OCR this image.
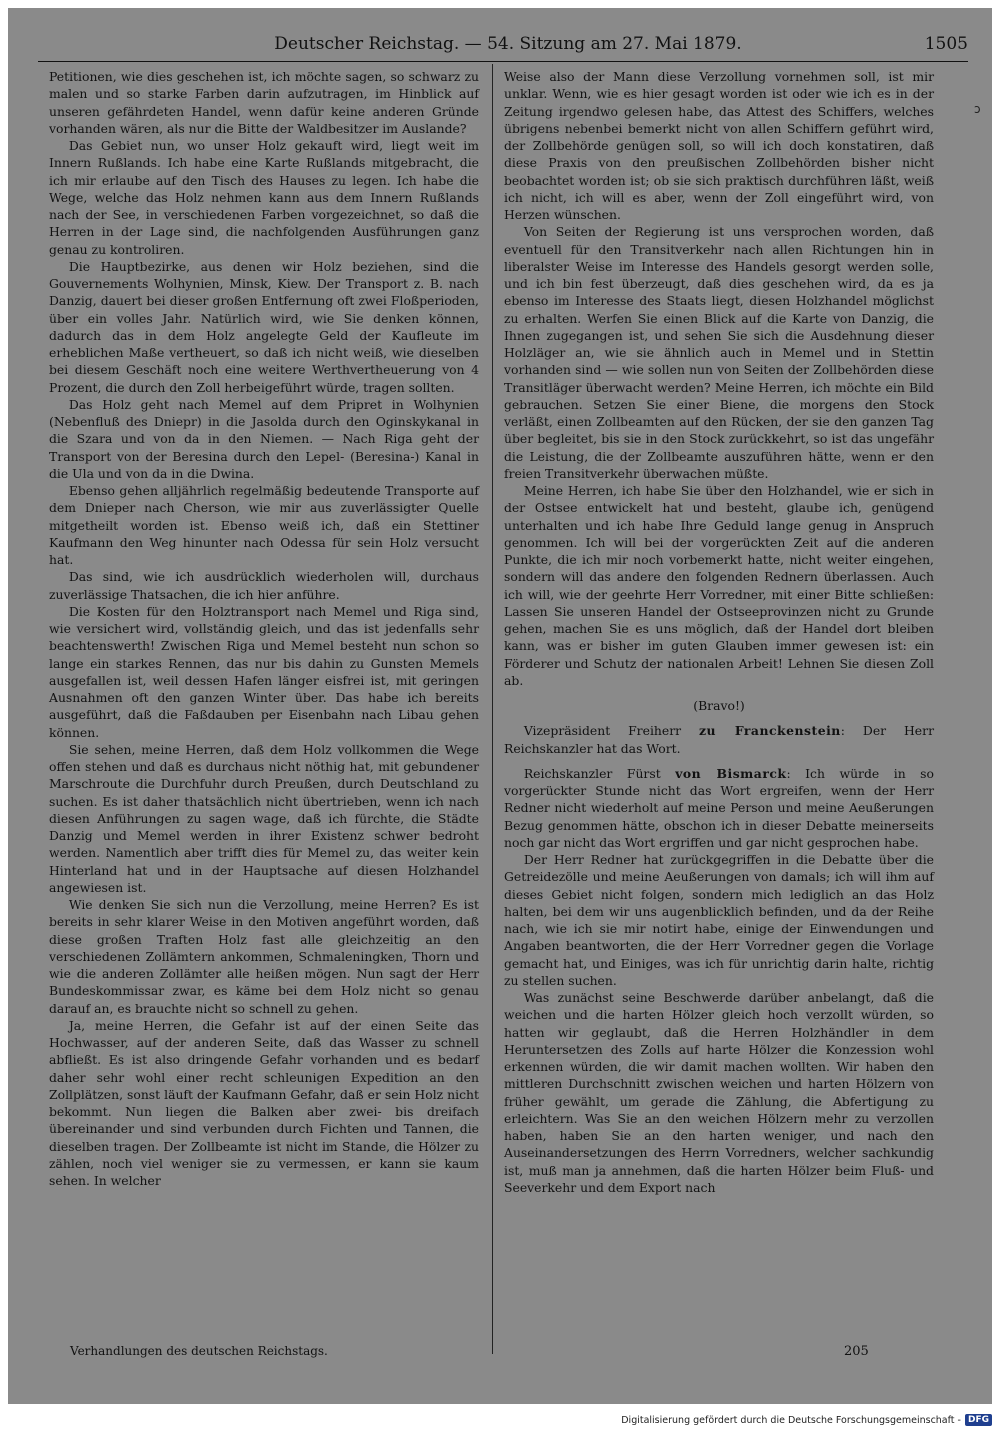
Deutscher Reichstag. — 54. Sitzung am 27. Mai 1879.	1505

Petitionen, wie dies geschehen ist, ich möchte sagen, so schwarz zu malen und so starke Farben darin aufzutragen, im Hinblick auf unseren gefährdeten Handel, wenn dafür keine anderen Gründe vorhanden wären, als nur die Bitte der Waldbesitzer im Auslande?

Das Gebiet nun, wo unser Holz gekauft wird, liegt weit im Innern Rußlands. Ich habe eine Karte Rußlands mitgebracht, die ich mir erlaube auf den Tisch des Hauses zu legen. Ich habe die Wege, welche das Holz nehmen kann aus dem Innern Rußlands nach der See, in verschiedenen Farben vorgezeichnet, so daß die Herren in der Lage sind, die nachfolgenden Ausführungen ganz genau zu kontroliren.

Die Hauptbezirke, aus denen wir Holz beziehen, sind die Gouvernements Wolhynien, Minsk, Kiew. Der Transport z. B. nach Danzig, dauert bei dieser großen Entfernung oft zwei Floßperioden, über ein volles Jahr. Natürlich wird, wie Sie denken können, dadurch das in dem Holz angelegte Geld der Kaufleute im erheblichen Maße vertheuert, so daß ich nicht weiß, wie dieselben bei diesem Geschäft noch eine weitere Werthvertheuerung von 4 Prozent, die durch den Zoll herbeigeführt würde, tragen sollten.

Das Holz geht nach Memel auf dem Pripret in Wolhynien (Nebenfluß des Dniepr) in die Jasolda durch den Oginskykanal in die Szara und von da in den Niemen. — Nach Riga geht der Transport von der Beresina durch den Lepel- (Beresina-) Kanal in die Ula und von da in die Dwina.

Ebenso gehen alljährlich regelmäßig bedeutende Transporte auf dem Dnieper nach Cherson, wie mir aus zuverlässigter Quelle mitgetheilt worden ist. Ebenso weiß ich, daß ein Stettiner Kaufmann den Weg hinunter nach Odessa für sein Holz versucht hat.

Das sind, wie ich ausdrücklich wiederholen will, durchaus zuverlässige Thatsachen, die ich hier anführe.

Die Kosten für den Holztransport nach Memel und Riga sind, wie versichert wird, vollständig gleich, und das ist jedenfalls sehr beachtenswerth! Zwischen Riga und Memel besteht nun schon so lange ein starkes Rennen, das nur bis dahin zu Gunsten Memels ausgefallen ist, weil dessen Hafen länger eisfrei ist, mit geringen Ausnahmen oft den ganzen Winter über. Das habe ich bereits ausgeführt, daß die Faßdauben per Eisenbahn nach Libau gehen können.

Sie sehen, meine Herren, daß dem Holz vollkommen die Wege offen stehen und daß es durchaus nicht nöthig hat, mit gebundener Marschroute die Durchfuhr durch Preußen, durch Deutschland zu suchen. Es ist daher thatsächlich nicht übertrieben, wenn ich nach diesen Anführungen zu sagen wage, daß ich fürchte, die Städte Danzig und Memel werden in ihrer Existenz schwer bedroht werden. Namentlich aber trifft dies für Memel zu, das weiter kein Hinterland hat und in der Hauptsache auf diesen Holzhandel angewiesen ist.

Wie denken Sie sich nun die Verzollung, meine Herren? Es ist bereits in sehr klarer Weise in den Motiven angeführt worden, daß diese großen Traften Holz fast alle gleichzeitig an den verschiedenen Zollämtern ankommen, Schmaleningken, Thorn und wie die anderen Zollämter alle heißen mögen. Nun sagt der Herr Bundeskommissar zwar, es käme bei dem Holz nicht so genau darauf an, es brauchte nicht so schnell zu gehen.

Ja, meine Herren, die Gefahr ist auf der einen Seite das Hochwasser, auf der anderen Seite, daß das Wasser zu schnell abfließt. Es ist also dringende Gefahr vorhanden und es bedarf daher sehr wohl einer recht schleunigen Expedition an den Zollplätzen, sonst läuft der Kaufmann Gefahr, daß er sein Holz nicht bekommt. Nun liegen die Balken aber zwei- bis dreifach übereinander und sind verbunden durch Fichten und Tannen, die dieselben tragen. Der Zollbeamte ist nicht im Stande, die Hölzer zu zählen, noch viel weniger sie zu vermessen, er kann sie kaum sehen. In welcher

Weise also der Mann diese Verzollung vornehmen soll, ist mir unklar. Wenn, wie es hier gesagt worden ist oder wie ich es in der Zeitung irgendwo gelesen habe, das Attest des Schiffers, welches übrigens nebenbei bemerkt nicht von allen Schiffern geführt wird, der Zollbehörde genügen soll, so will ich doch konstatiren, daß diese Praxis von den preußischen Zollbehörden bisher nicht beobachtet worden ist; ob sie sich praktisch durchführen läßt, weiß ich nicht, ich will es aber, wenn der Zoll eingeführt wird, von Herzen wünschen.

Von Seiten der Regierung ist uns versprochen worden, daß eventuell für den Transitverkehr nach allen Richtungen hin in liberalster Weise im Interesse des Handels gesorgt werden solle, und ich bin fest überzeugt, daß dies geschehen wird, da es ja ebenso im Interesse des Staats liegt, diesen Holzhandel möglichst zu erhalten. Werfen Sie einen Blick auf die Karte von Danzig, die Ihnen zugegangen ist, und sehen Sie sich die Ausdehnung dieser Holzläger an, wie sie ähnlich auch in Memel und in Stettin vorhanden sind — wie sollen nun von Seiten der Zollbehörden diese Transitläger überwacht werden? Meine Herren, ich möchte ein Bild gebrauchen. Setzen Sie einer Biene, die morgens den Stock verläßt, einen Zollbeamten auf den Rücken, der sie den ganzen Tag über begleitet, bis sie in den Stock zurückkehrt, so ist das ungefähr die Leistung, die der Zollbeamte auszuführen hätte, wenn er den freien Transitverkehr überwachen müßte.

Meine Herren, ich habe Sie über den Holzhandel, wie er sich in der Ostsee entwickelt hat und besteht, glaube ich, genügend unterhalten und ich habe Ihre Geduld lange genug in Anspruch genommen. Ich will bei der vorgerückten Zeit auf die anderen Punkte, die ich mir noch vorbemerkt hatte, nicht weiter eingehen, sondern will das andere den folgenden Rednern überlassen. Auch ich will, wie der geehrte Herr Vorredner, mit einer Bitte schließen: Lassen Sie unseren Handel der Ostseeprovinzen nicht zu Grunde gehen, machen Sie es uns möglich, daß der Handel dort bleiben kann, was er bisher im guten Glauben immer gewesen ist: ein Förderer und Schutz der nationalen Arbeit! Lehnen Sie diesen Zoll ab.

(Bravo!)

Vizepräsident Freiherr zu Franckenstein: Der Herr Reichskanzler hat das Wort.

Reichskanzler Fürst von Bismarck: Ich würde in so vorgerückter Stunde nicht das Wort ergreifen, wenn der Herr Redner nicht wiederholt auf meine Person und meine Aeußerungen Bezug genommen hätte, obschon ich in dieser Debatte meinerseits noch gar nicht das Wort ergriffen und gar nicht gesprochen habe.

Der Herr Redner hat zurückgegriffen in die Debatte über die Getreidezölle und meine Aeußerungen von damals; ich will ihm auf dieses Gebiet nicht folgen, sondern mich lediglich an das Holz halten, bei dem wir uns augenblicklich befinden, und da der Reihe nach, wie ich sie mir notirt habe, einige der Einwendungen und Angaben beantworten, die der Herr Vorredner gegen die Vorlage gemacht hat, und Einiges, was ich für unrichtig darin halte, richtig zu stellen suchen.

Was zunächst seine Beschwerde darüber anbelangt, daß die weichen und die harten Hölzer gleich hoch verzollt würden, so hatten wir geglaubt, daß die Herren Holzhändler in dem Heruntersetzen des Zolls auf harte Hölzer die Konzession wohl erkennen würden, die wir damit machen wollten. Wir haben den mittleren Durchschnitt zwischen weichen und harten Hölzern von früher gewählt, um gerade die Zählung, die Abfertigung zu erleichtern. Was Sie an den weichen Hölzern mehr zu verzollen haben, haben Sie an den harten weniger, und nach den Auseinandersetzungen des Herrn Vorredners, welcher sachkundig ist, muß man ja annehmen, daß die harten Hölzer beim Fluß- und Seeverkehr und dem Export nach

ↄ
Verhandlungen des deutschen Reichstags.	205
Digitalisierung gefördert durch die Deutsche Forschungsgemeinschaft - DFG
